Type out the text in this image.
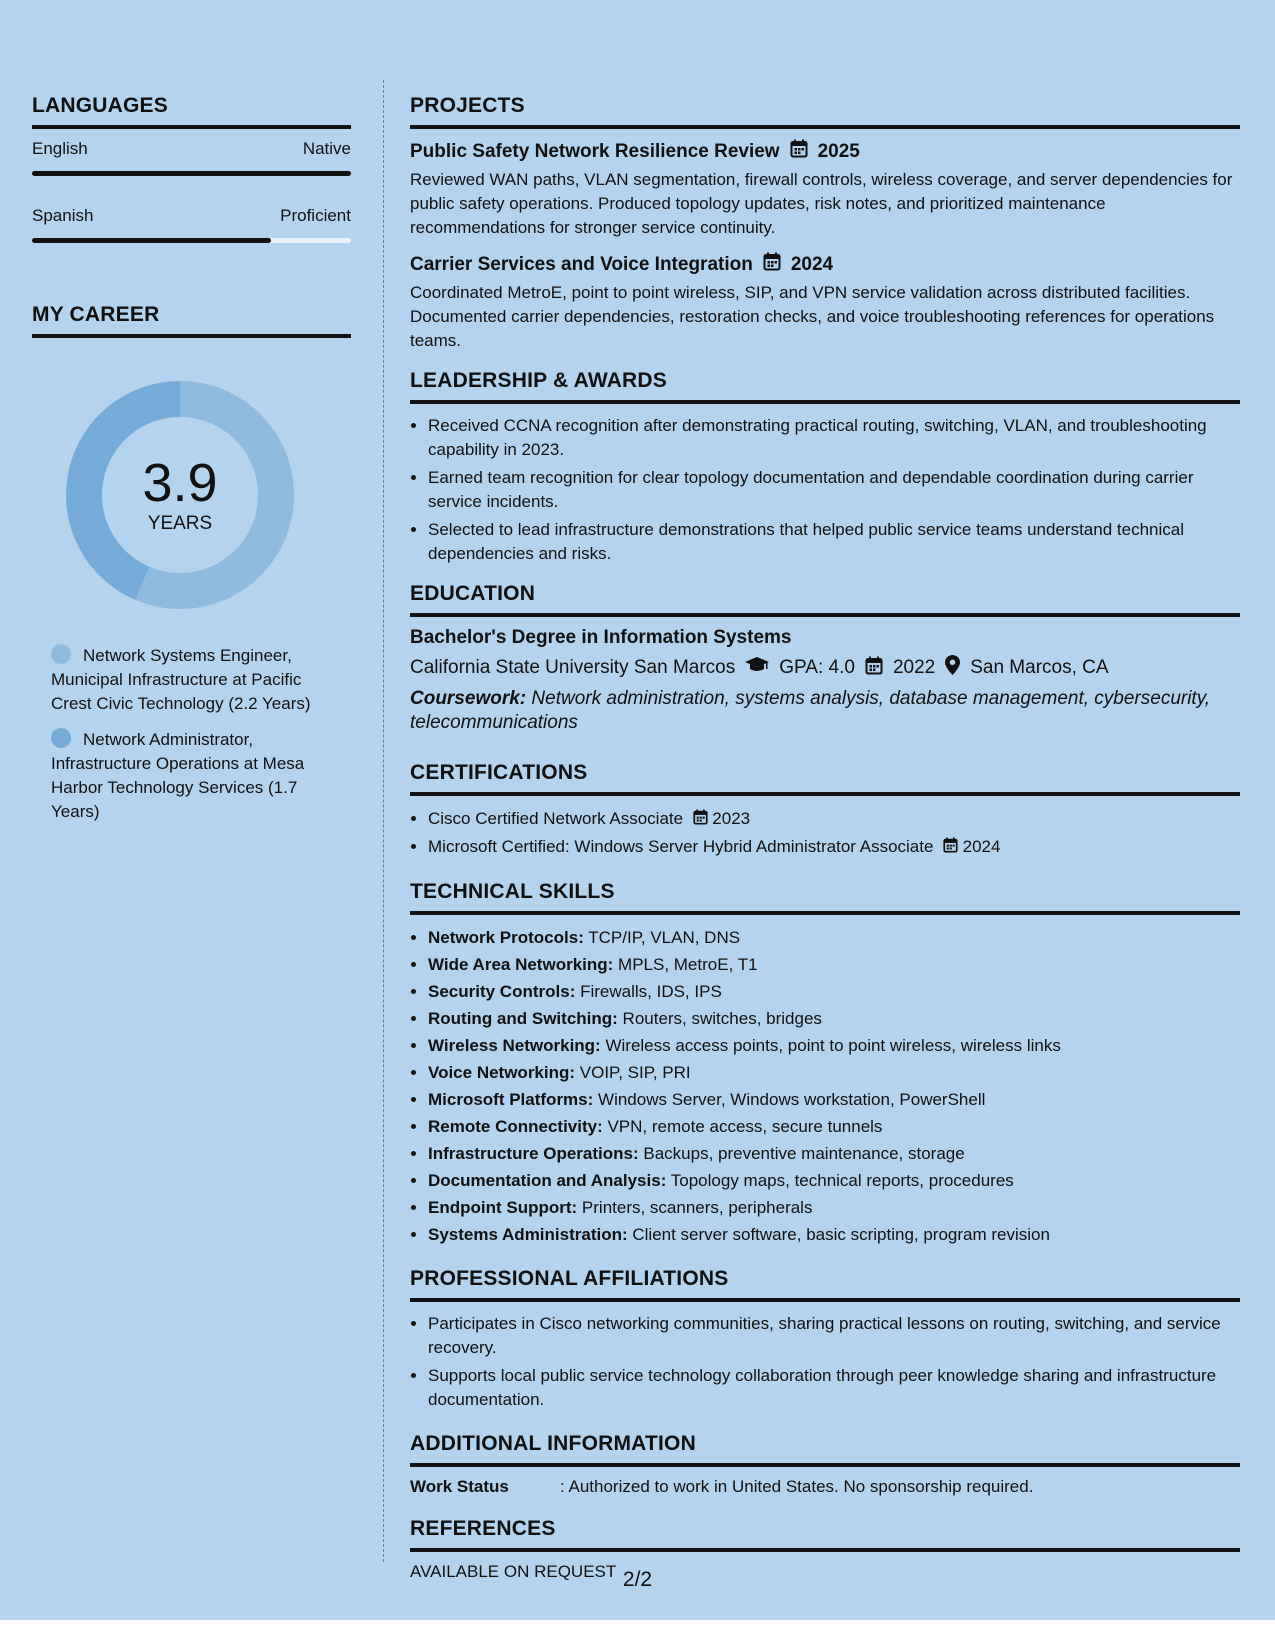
LANGUAGES
English	Native
Spanish	Proficient
MY CAREER
3.9
YEARS
Network Systems Engineer, Municipal Infrastructure at Pacific Crest Civic Technology (2.2 Years)
Network Administrator, Infrastructure Operations at Mesa Harbor Technology Services (1.7 Years)
PROJECTS
Public Safety Network Resilience Review 2025
Reviewed WAN paths, VLAN segmentation, firewall controls, wireless coverage, and server dependencies for public safety operations. Produced topology updates, risk notes, and prioritized maintenance recommendations for stronger service continuity.
Carrier Services and Voice Integration 2024
Coordinated MetroE, point to point wireless, SIP, and VPN service validation across distributed facilities. Documented carrier dependencies, restoration checks, and voice troubleshooting references for operations teams.
LEADERSHIP & AWARDS
• Received CCNA recognition after demonstrating practical routing, switching, VLAN, and troubleshooting capability in 2023.
• Earned team recognition for clear topology documentation and dependable coordination during carrier service incidents.
• Selected to lead infrastructure demonstrations that helped public service teams understand technical dependencies and risks.
EDUCATION
Bachelor's Degree in Information Systems
California State University San Marcos GPA: 4.0 2022 San Marcos, CA
Coursework: Network administration, systems analysis, database management, cybersecurity, telecommunications
CERTIFICATIONS
• Cisco Certified Network Associate 2023
• Microsoft Certified: Windows Server Hybrid Administrator Associate 2024
TECHNICAL SKILLS
• Network Protocols: TCP/IP, VLAN, DNS
• Wide Area Networking: MPLS, MetroE, T1
• Security Controls: Firewalls, IDS, IPS
• Routing and Switching: Routers, switches, bridges
• Wireless Networking: Wireless access points, point to point wireless, wireless links
• Voice Networking: VOIP, SIP, PRI
• Microsoft Platforms: Windows Server, Windows workstation, PowerShell
• Remote Connectivity: VPN, remote access, secure tunnels
• Infrastructure Operations: Backups, preventive maintenance, storage
• Documentation and Analysis: Topology maps, technical reports, procedures
• Endpoint Support: Printers, scanners, peripherals
• Systems Administration: Client server software, basic scripting, program revision
PROFESSIONAL AFFILIATIONS
• Participates in Cisco networking communities, sharing practical lessons on routing, switching, and service recovery.
• Supports local public service technology collaboration through peer knowledge sharing and infrastructure documentation.
ADDITIONAL INFORMATION
Work Status	: Authorized to work in United States. No sponsorship required.
REFERENCES
AVAILABLE ON REQUEST 2/2
